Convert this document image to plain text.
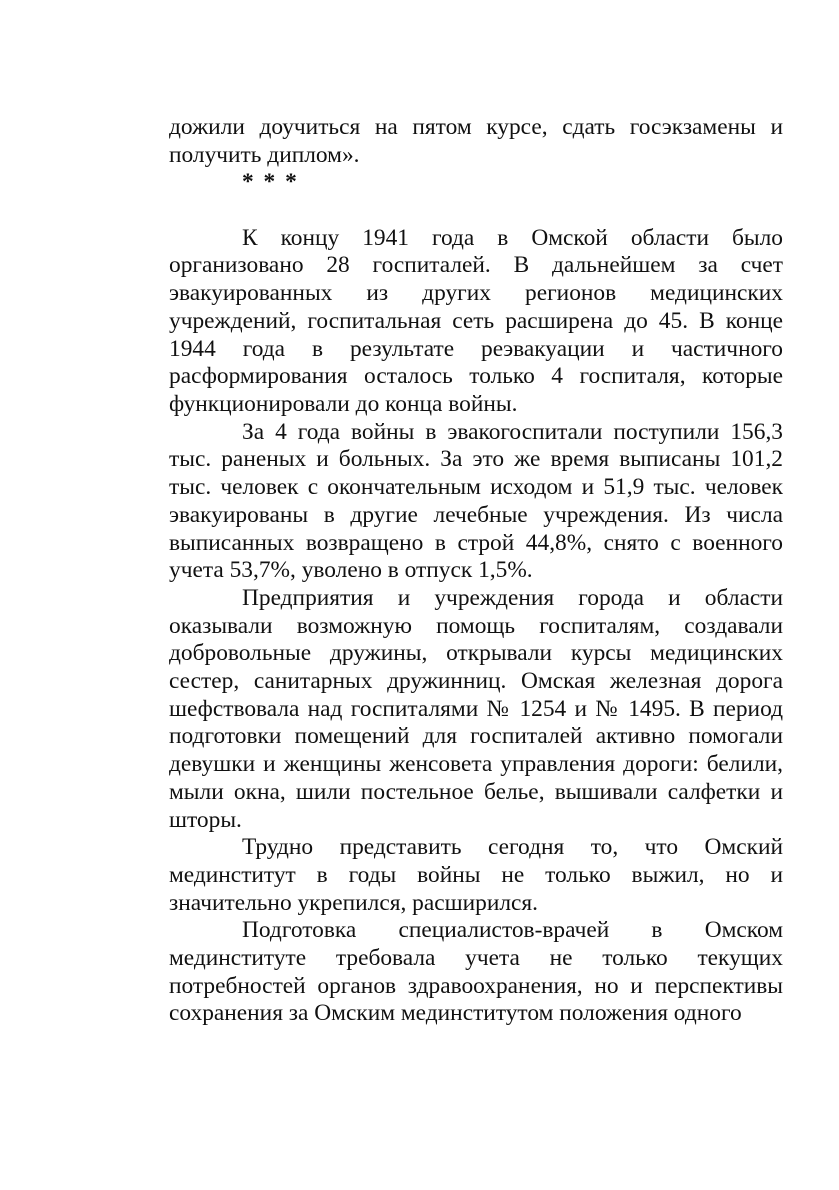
дожили доучиться на пятом курсе, сдать госэкзамены и получить диплом».

* * *

К концу 1941 года в Омской области было организовано 28 госпиталей. В дальнейшем за счет эвакуированных из других регионов медицинских учреждений, госпитальная сеть расширена до 45. В конце 1944 года в результате реэвакуации и частичного расформирования осталось только 4 госпиталя, которые функционировали до конца войны.

За 4 года войны в эвакогоспитали поступили 156,3 тыс. раненых и больных. За это же время выписаны 101,2 тыс. человек с окончательным исходом и 51,9 тыс. человек эвакуированы в другие лечебные учреждения. Из числа выписанных возвращено в строй 44,8%, снято с военного учета 53,7%, уволено в отпуск 1,5%.

Предприятия и учреждения города и области оказывали возможную помощь госпиталям, создавали добровольные дружины, открывали курсы медицинских сестер, санитарных дружинниц. Омская железная дорога шефствовала над госпиталями № 1254 и № 1495. В период подготовки помещений для госпиталей активно помогали девушки и женщины женсовета управления дороги: белили, мыли окна, шили постельное белье, вышивали салфетки и шторы.

Трудно представить сегодня то, что Омский мединститут в годы войны не только выжил, но и значительно укрепился, расширился.

Подготовка специалистов-врачей в Омском мединституте требовала учета не только текущих потребностей органов здравоохранения, но и перспективы сохранения за Омским мединститутом положения одного
